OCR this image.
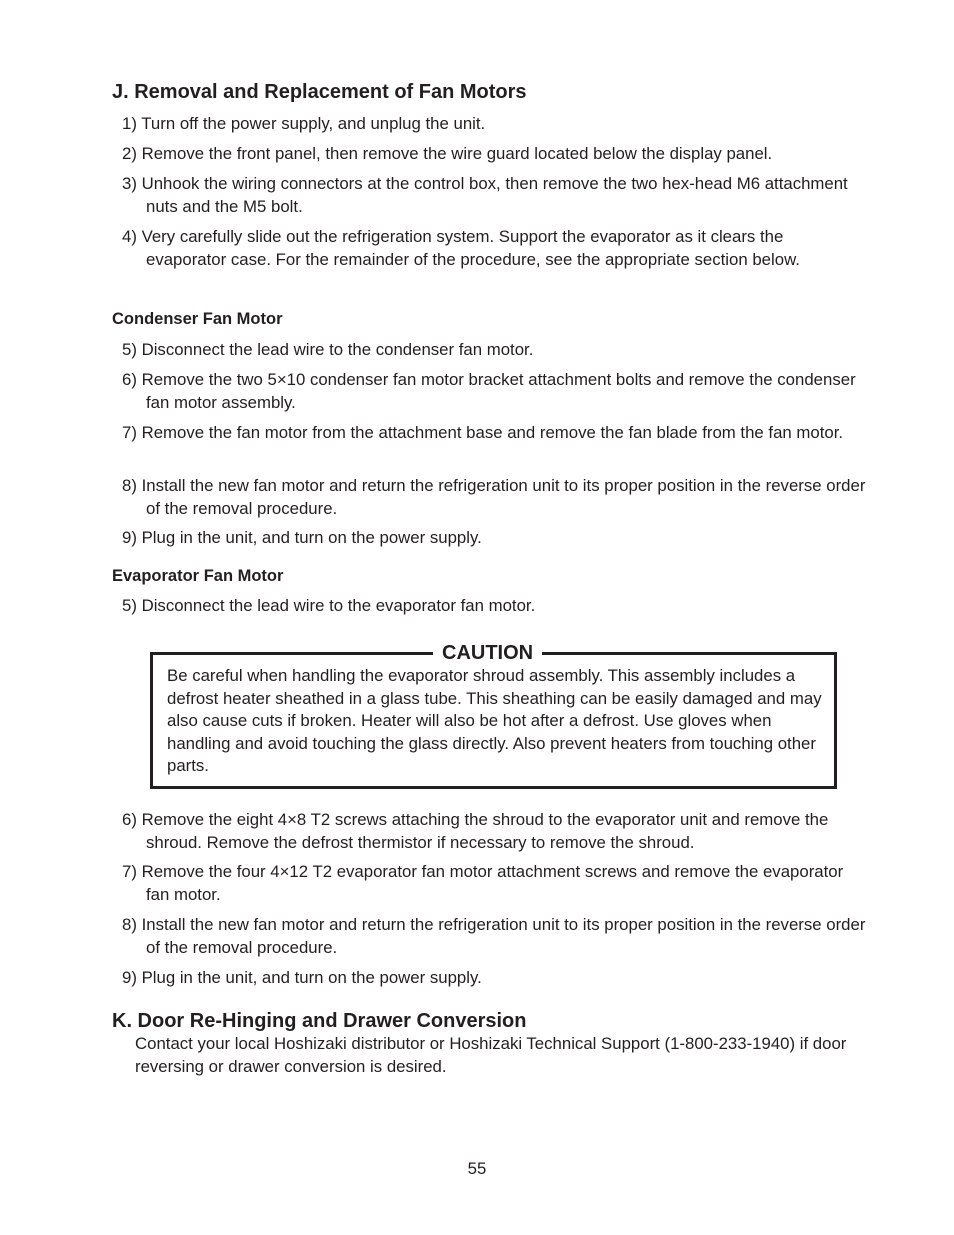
J. Removal and Replacement of Fan Motors

1) Turn off the power supply, and unplug the unit.

2) Remove the front panel, then remove the wire guard located below the display panel.

3) Unhook the wiring connectors at the control box, then remove the two hex-head M6 attachment nuts and the M5 bolt.

4) Very carefully slide out the refrigeration system. Support the evaporator as it clears the evaporator case. For the remainder of the procedure, see the appropriate section below.

Condenser Fan Motor

5) Disconnect the lead wire to the condenser fan motor.

6) Remove the two 5×10 condenser fan motor bracket attachment bolts and remove the condenser fan motor assembly.

7) Remove the fan motor from the attachment base and remove the fan blade from the fan motor.

8) Install the new fan motor and return the refrigeration unit to its proper position in the reverse order of the removal procedure.

9) Plug in the unit, and turn on the power supply.

Evaporator Fan Motor

5) Disconnect the lead wire to the evaporator fan motor.

CAUTION

Be careful when handling the evaporator shroud assembly. This assembly includes a defrost heater sheathed in a glass tube. This sheathing can be easily damaged and may also cause cuts if broken. Heater will also be hot after a defrost. Use gloves when handling and avoid touching the glass directly. Also prevent heaters from touching other parts.

6) Remove the eight 4×8 T2 screws attaching the shroud to the evaporator unit and remove the shroud. Remove the defrost thermistor if necessary to remove the shroud.

7) Remove the four 4×12 T2 evaporator fan motor attachment screws and remove the evaporator fan motor.

8) Install the new fan motor and return the refrigeration unit to its proper position in the reverse order of the removal procedure.

9) Plug in the unit, and turn on the power supply.

K. Door Re-Hinging and Drawer Conversion

Contact your local Hoshizaki distributor or Hoshizaki Technical Support (1-800-233-1940) if door reversing or drawer conversion is desired.

55
